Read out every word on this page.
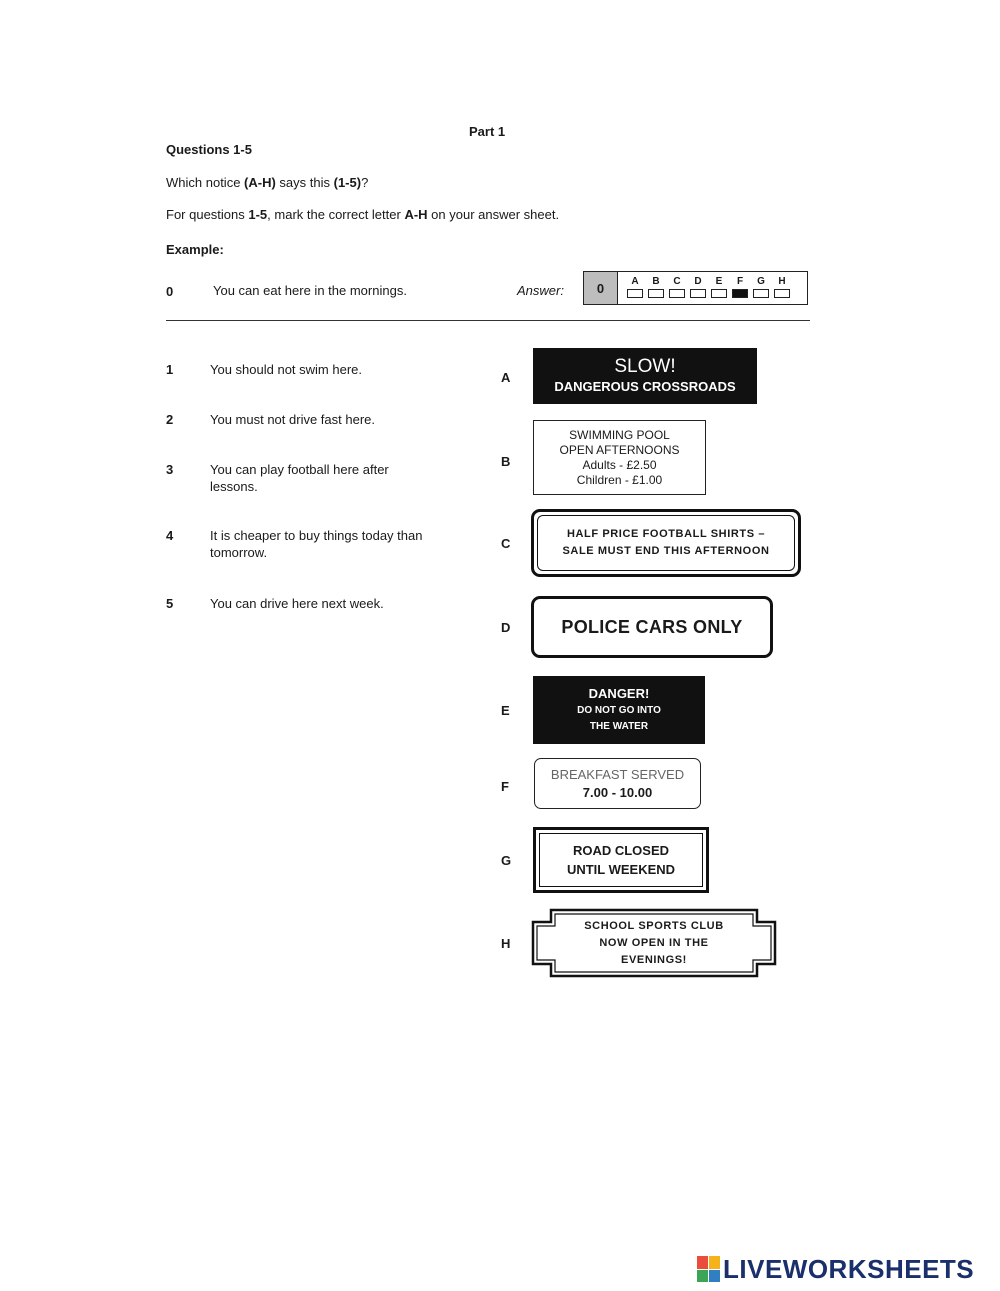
Part 1
Questions 1-5
Which notice (A-H) says this (1-5)?
For questions 1-5, mark the correct letter A-H on your answer sheet.
Example:
0	You can eat here in the mornings.	Answer:	0	A B C D E F G H
1	You should not swim here.
2	You must not drive fast here.
3	You can play football here after lessons.
4	It is cheaper to buy things today than tomorrow.
5	You can drive here next week.
A
B
C
D
E
F
G
H
SLOW!
DANGEROUS CROSSROADS
SWIMMING POOL
OPEN AFTERNOONS
Adults - £2.50
Children - £1.00
HALF PRICE FOOTBALL SHIRTS –
SALE MUST END THIS AFTERNOON
POLICE CARS ONLY
DANGER!
DO NOT GO INTO
THE WATER
BREAKFAST SERVED
7.00 - 10.00
ROAD CLOSED
UNTIL WEEKEND
SCHOOL SPORTS CLUB
NOW OPEN IN THE
EVENINGS!
LIVEWORKSHEETS
